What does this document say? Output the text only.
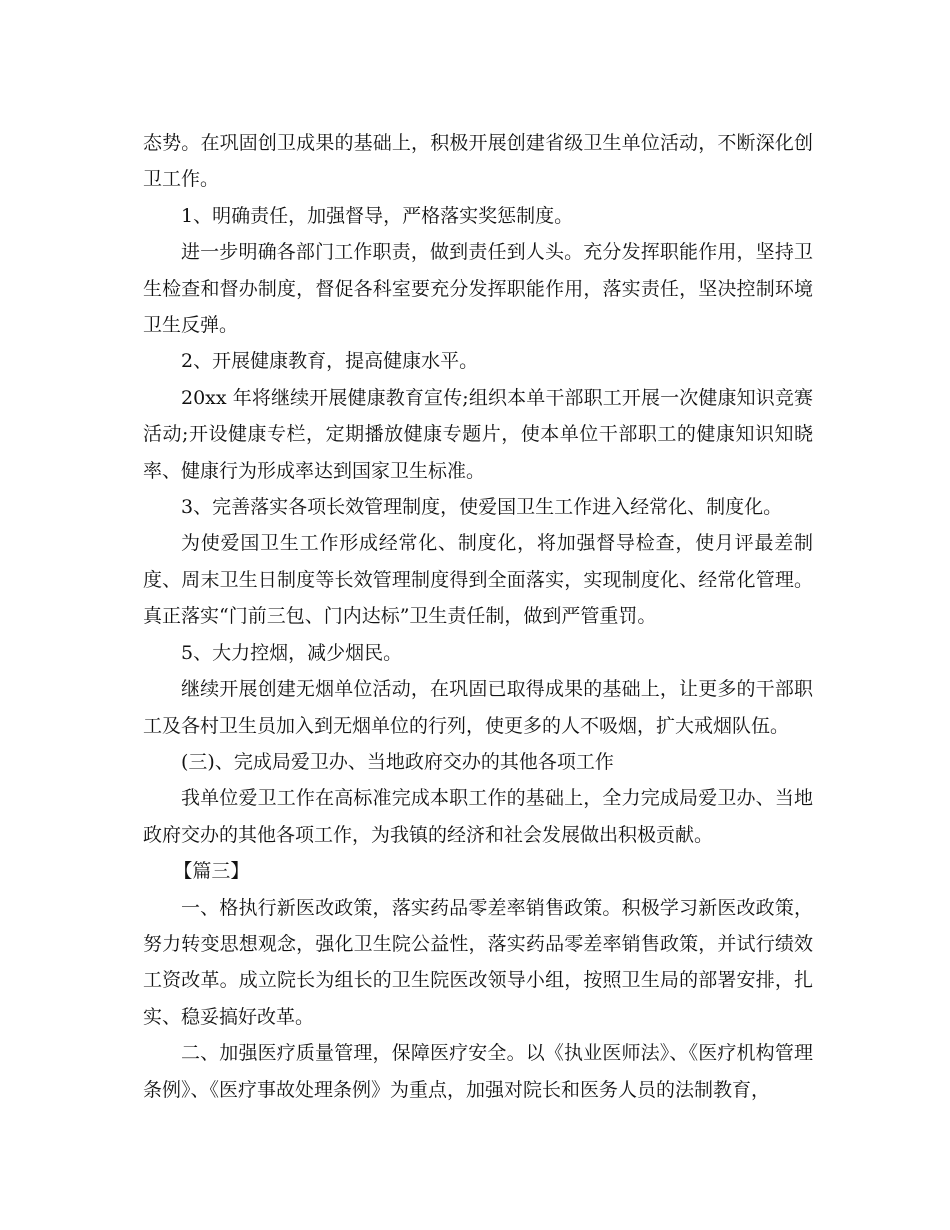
态势。在巩固创卫成果的基础上，积极开展创建省级卫生单位活动，不断深化创卫工作。

1、明确责任，加强督导，严格落实奖惩制度。

进一步明确各部门工作职责，做到责任到人头。充分发挥职能作用，坚持卫生检查和督办制度，督促各科室要充分发挥职能作用，落实责任，坚决控制环境卫生反弹。

2、开展健康教育，提高健康水平。

20xx 年将继续开展健康教育宣传;组织本单干部职工开展一次健康知识竞赛活动;开设健康专栏，定期播放健康专题片，使本单位干部职工的健康知识知晓率、健康行为形成率达到国家卫生标准。

3、完善落实各项长效管理制度，使爱国卫生工作进入经常化、制度化。

为使爱国卫生工作形成经常化、制度化，将加强督导检查，使月评最差制度、周末卫生日制度等长效管理制度得到全面落实，实现制度化、经常化管理。真正落实“门前三包、门内达标”卫生责任制，做到严管重罚。

5、大力控烟，减少烟民。

继续开展创建无烟单位活动，在巩固已取得成果的基础上，让更多的干部职工及各村卫生员加入到无烟单位的行列，使更多的人不吸烟，扩大戒烟队伍。

(三)、完成局爱卫办、当地政府交办的其他各项工作

我单位爱卫工作在高标准完成本职工作的基础上，全力完成局爱卫办、当地政府交办的其他各项工作，为我镇的经济和社会发展做出积极贡献。

【篇三】

一、格执行新医改政策，落实药品零差率销售政策。积极学习新医改政策，努力转变思想观念，强化卫生院公益性，落实药品零差率销售政策，并试行绩效工资改革。成立院长为组长的卫生院医改领导小组，按照卫生局的部署安排，扎实、稳妥搞好改革。

二、加强医疗质量管理，保障医疗安全。以《执业医师法》、《医疗机构管理条例》、《医疗事故处理条例》为重点，加强对院长和医务人员的法制教育，
